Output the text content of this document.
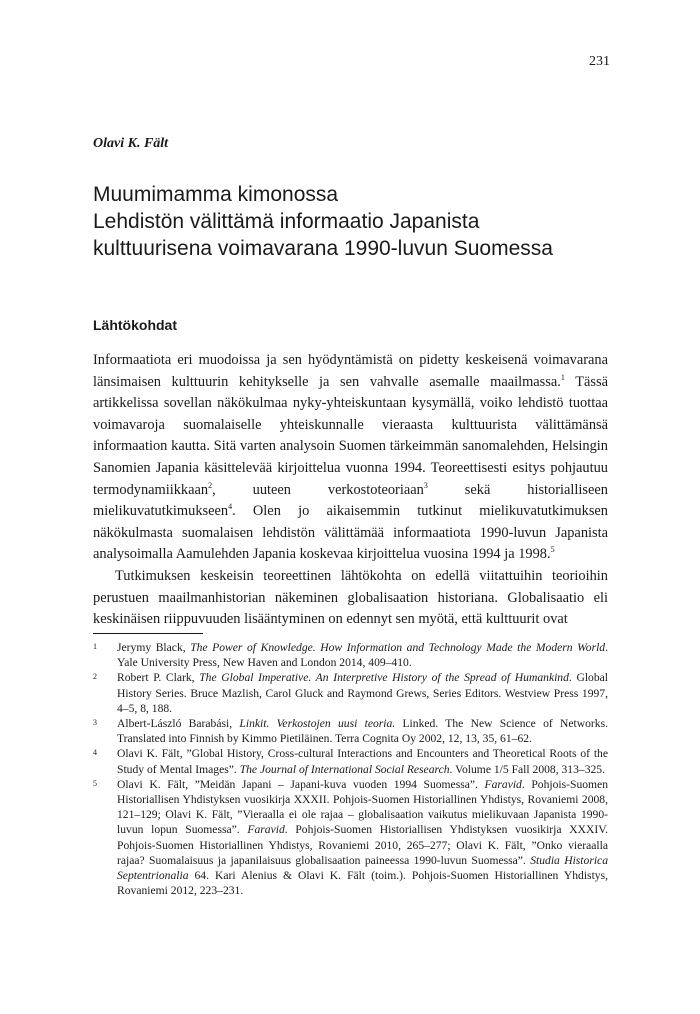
231
Olavi K. Fält
Muumimamma kimonossa
Lehdistön välittämä informaatio Japanista
kulttuurisena voimavarana 1990-luvun Suomessa
Lähtökohdat

Informaatiota eri muodoissa ja sen hyödyntämistä on pidetty keskeisenä voimavarana länsimaisen kulttuurin kehitykselle ja sen vahvalle asemalle maailmassa.$^1$ Tässä artikkelissa sovellan näkökulmaa nyky-yhteiskuntaan kysymällä, voiko lehdistö tuottaa voimavaroja suomalaiselle yhteiskunnalle vieraasta kulttuurista välittämänsä informaation kautta. Sitä varten analysoin Suomen tärkeimmän sanomalehden, Helsingin Sanomien Japania käsittelevää kirjoittelua vuonna 1994. Teoreettisesti esitys pohjautuu termodynamiikkaan$^2$, uuteen verkostoteoriaan$^3$ sekä historialliseen mielikuvatutkimukseen$^4$. Olen jo aikaisemmin tutkinut mielikuvatutkimuksen näkökulmasta suomalaisen lehdistön välittämää informaatiota 1990-luvun Japanista analysoimalla Aamulehden Japania koskevaa kirjoittelua vuosina 1994 ja 1998.$^5$

Tutkimuksen keskeisin teoreettinen lähtökohta on edellä viitattuihin teorioihin perustuen maailmanhistorian näkeminen globalisaation historiana. Globalisaatio eli keskinäisen riippuvuuden lisääntyminen on edennyt sen myötä, että kulttuurit ovat

1	Jerymy Black, The Power of Knowledge. How Information and Technology Made the Modern World. Yale University Press, New Haven and London 2014, 409–410.
2	Robert P. Clark, The Global Imperative. An Interpretive History of the Spread of Humankind. Global History Series. Bruce Mazlish, Carol Gluck and Raymond Grews, Series Editors. Westview Press 1997, 4–5, 8, 188.
3	Albert-László Barabási, Linkit. Verkostojen uusi teoria. Linked. The New Science of Networks. Translated into Finnish by Kimmo Pietiläinen. Terra Cognita Oy 2002, 12, 13, 35, 61–62.
4	Olavi K. Fält, ”Global History, Cross-cultural Interactions and Encounters and Theoretical Roots of the Study of Mental Images”. The Journal of International Social Research. Volume 1/5 Fall 2008, 313–325.
5	Olavi K. Fält, ”Meidän Japani – Japani-kuva vuoden 1994 Suomessa”. Faravid. Pohjois-Suomen Historiallisen Yhdistyksen vuosikirja XXXII. Pohjois-Suomen Historiallinen Yhdistys, Rovaniemi 2008, 121–129; Olavi K. Fält, ”Vieraalla ei ole rajaa – globalisaation vaikutus mielikuvaan Japanista 1990-luvun lopun Suomessa”. Faravid. Pohjois-Suomen Historiallisen Yhdistyksen vuosikirja XXXIV. Pohjois-Suomen Historiallinen Yhdistys, Rovaniemi 2010, 265–277; Olavi K. Fält, ”Onko vieraalla rajaa? Suomalaisuus ja japanilaisuus globalisaation paineessa 1990-luvun Suomessa”. Studia Historica Septentrionalia 64. Kari Alenius & Olavi K. Fält (toim.). Pohjois-Suomen Historiallinen Yhdistys, Rovaniemi 2012, 223–231.
